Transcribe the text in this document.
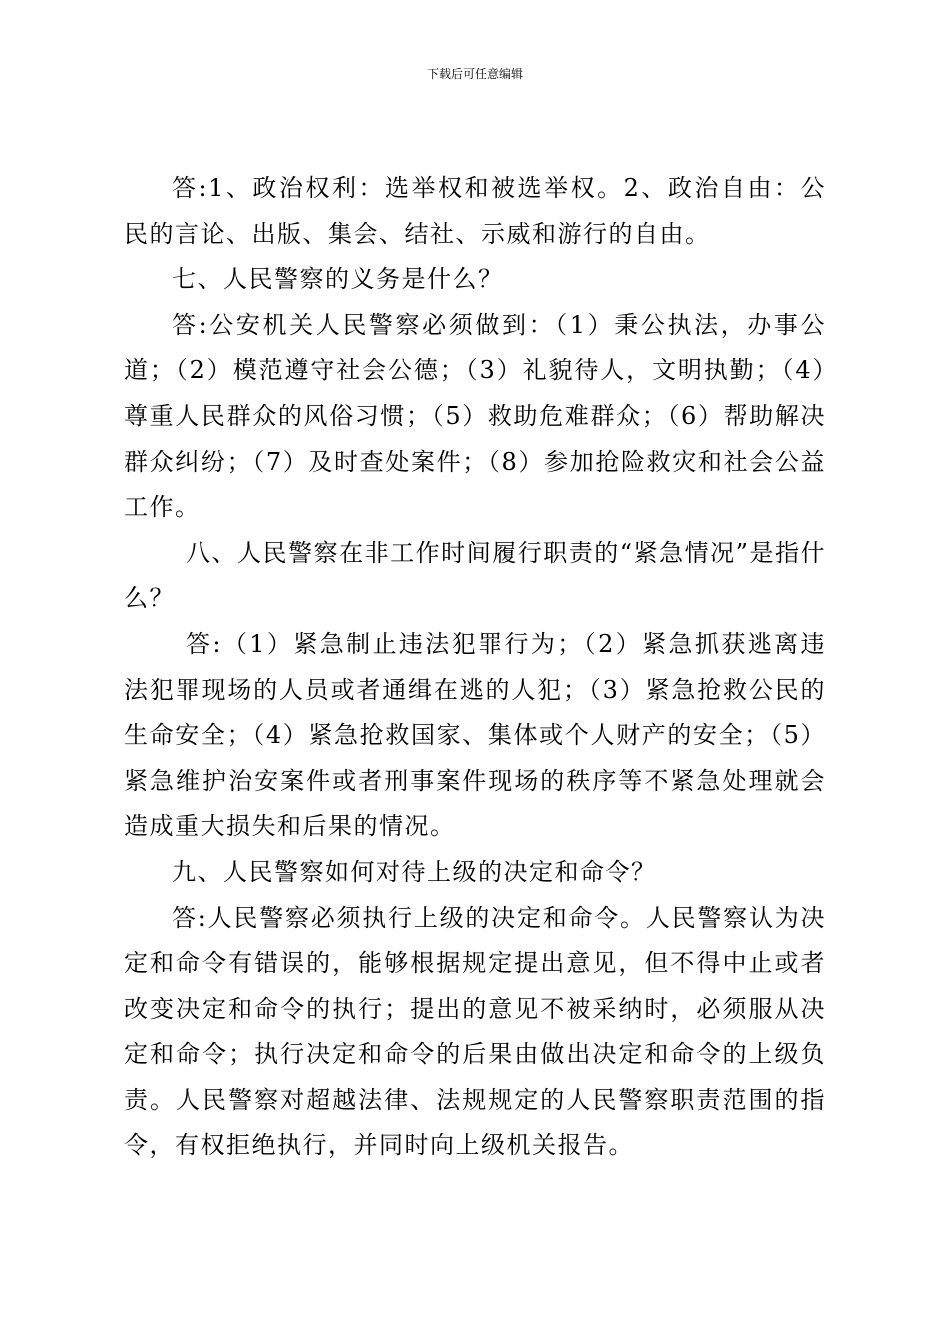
下载后可任意编辑

答:1、政治权利：选举权和被选举权。2、政治自由：公民的言论、出版、集会、结社、示威和游行的自由。

七、人民警察的义务是什么？

答:公安机关人民警察必须做到：（1）秉公执法，办事公道；（2）模范遵守社会公德；（3）礼貌待人，文明执勤；（4）尊重人民群众的风俗习惯；（5）救助危难群众；（6）帮助解决群众纠纷；（7）及时查处案件；（8）参加抢险救灾和社会公益工作。

八、人民警察在非工作时间履行职责的“紧急情况”是指什么？

答:（1）紧急制止违法犯罪行为；（2）紧急抓获逃离违法犯罪现场的人员或者通缉在逃的人犯；（3）紧急抢救公民的生命安全；（4）紧急抢救国家、集体或个人财产的安全；（5）紧急维护治安案件或者刑事案件现场的秩序等不紧急处理就会造成重大损失和后果的情况。

九、人民警察如何对待上级的决定和命令？

答:人民警察必须执行上级的决定和命令。人民警察认为决定和命令有错误的，能够根据规定提出意见，但不得中止或者改变决定和命令的执行；提出的意见不被采纳时，必须服从决定和命令；执行决定和命令的后果由做出决定和命令的上级负责。人民警察对超越法律、法规规定的人民警察职责范围的指令，有权拒绝执行，并同时向上级机关报告。
